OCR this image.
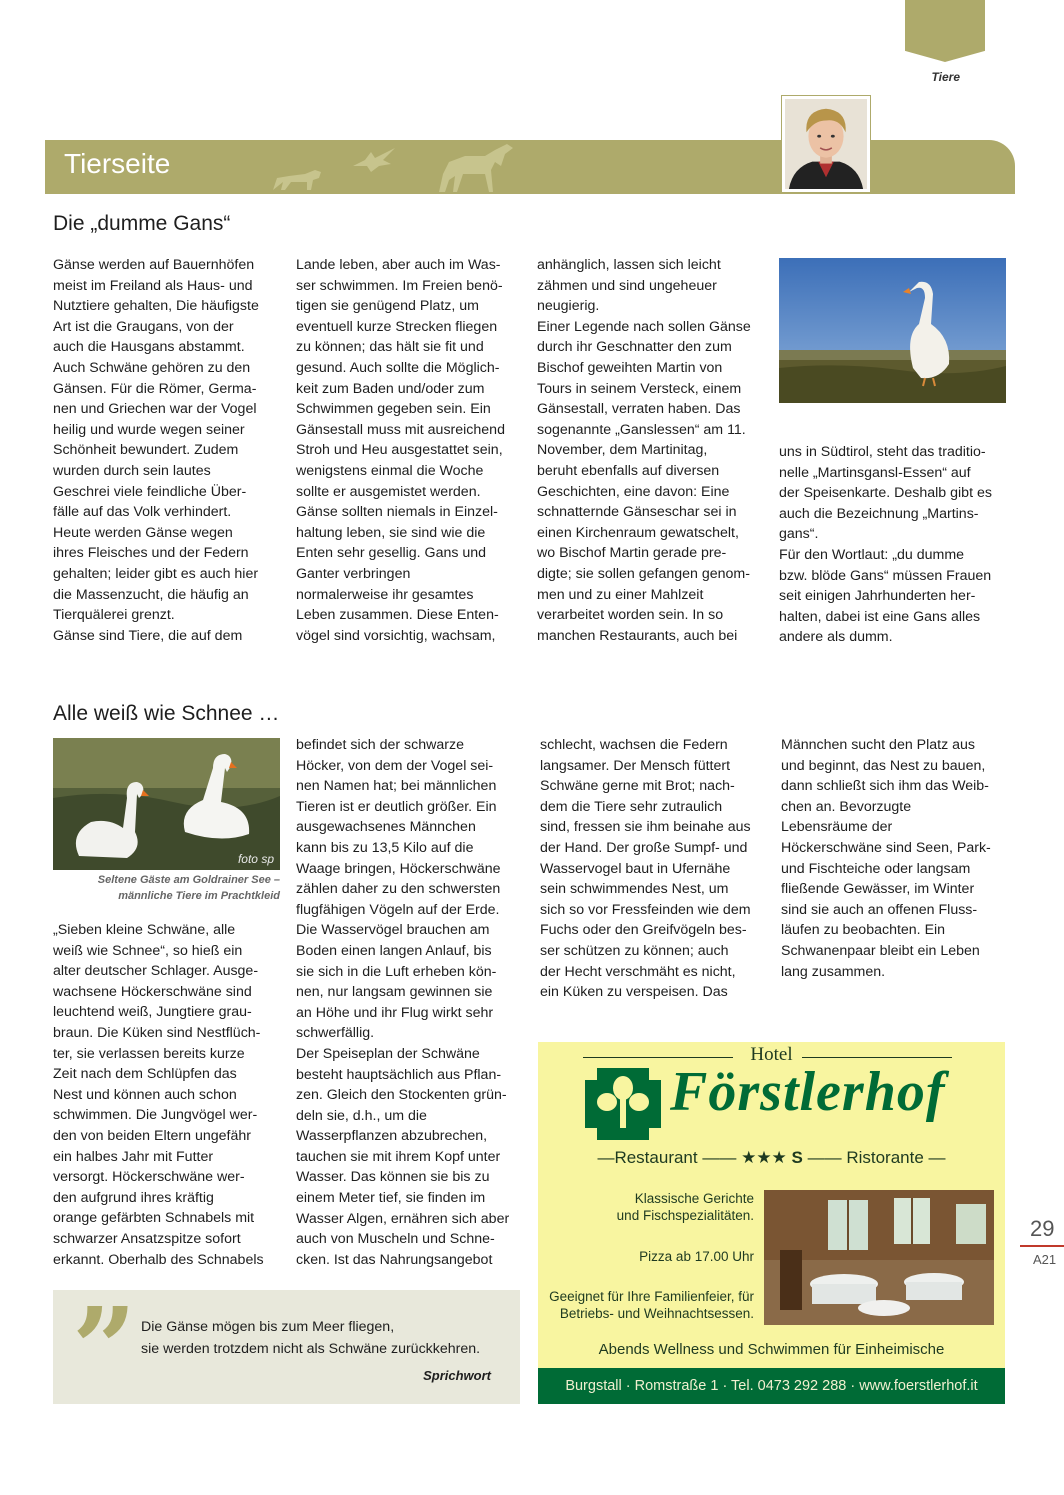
Tiere
Tierseite
Die „dumme Gans“
Gänse werden auf Bauernhöfen
meist im Freiland als Haus- und
Nutztiere gehalten, Die häufigste
Art ist die Graugans, von der
auch die Hausgans abstammt.
Auch Schwäne gehören zu den
Gänsen. Für die Römer, Germa-
nen und Griechen war der Vogel
heilig und wurde wegen seiner
Schönheit bewundert. Zudem
wurden durch sein lautes
Geschrei viele feindliche Über-
fälle auf das Volk verhindert.
Heute werden Gänse wegen
ihres Fleisches und der Federn
gehalten; leider gibt es auch hier
die Massenzucht, die häufig an
Tierquälerei grenzt.
Gänse sind Tiere, die auf dem
Lande leben, aber auch im Was-
ser schwimmen. Im Freien benö-
tigen sie genügend Platz, um
eventuell kurze Strecken fliegen
zu können; das hält sie fit und
gesund. Auch sollte die Möglich-
keit zum Baden und/oder zum
Schwimmen gegeben sein. Ein
Gänsestall muss mit ausreichend
Stroh und Heu ausgestattet sein,
wenigstens einmal die Woche
sollte er ausgemistet werden.
Gänse sollten niemals in Einzel-
haltung leben, sie sind wie die
Enten sehr gesellig. Gans und
Ganter verbringen
normalerweise ihr gesamtes
Leben zusammen. Diese Enten-
vögel sind vorsichtig, wachsam,
anhänglich, lassen sich leicht
zähmen und sind ungeheuer
neugierig.
Einer Legende nach sollen Gänse
durch ihr Geschnatter den zum
Bischof geweihten Martin von
Tours in seinem Versteck, einem
Gänsestall, verraten haben. Das
sogenannte „Ganslessen“ am 11.
November, dem Martinitag,
beruht ebenfalls auf diversen
Geschichten, eine davon: Eine
schnatternde Gänseschar sei in
einen Kirchenraum gewatschelt,
wo Bischof Martin gerade pre-
digte; sie sollen gefangen genom-
men und zu einer Mahlzeit
verarbeitet worden sein. In so
manchen Restaurants, auch bei
uns in Südtirol, steht das traditio-
nelle „Martinsgansl-Essen“ auf
der Speisenkarte. Deshalb gibt es
auch die Bezeichnung „Martins-
gans“.
Für den Wortlaut: „du dumme
bzw. blöde Gans“ müssen Frauen
seit einigen Jahrhunderten her-
halten, dabei ist eine Gans alles
andere als dumm.
Alle weiß wie Schnee …
foto sp
Seltene Gäste am Goldrainer See –
männliche Tiere im Prachtkleid
„Sieben kleine Schwäne, alle
weiß wie Schnee“, so hieß ein
alter deutscher Schlager. Ausge-
wachsene Höckerschwäne sind
leuchtend weiß, Jungtiere grau-
braun. Die Küken sind Nestflüch-
ter, sie verlassen bereits kurze
Zeit nach dem Schlüpfen das
Nest und können auch schon
schwimmen. Die Jungvögel wer-
den von beiden Eltern ungefähr
ein halbes Jahr mit Futter
versorgt. Höckerschwäne wer-
den aufgrund ihres kräftig
orange gefärbten Schnabels mit
schwarzer Ansatzspitze sofort
erkannt. Oberhalb des Schnabels
befindet sich der schwarze
Höcker, von dem der Vogel sei-
nen Namen hat; bei männlichen
Tieren ist er deutlich größer. Ein
ausgewachsenes Männchen
kann bis zu 13,5 Kilo auf die
Waage bringen, Höckerschwäne
zählen daher zu den schwersten
flugfähigen Vögeln auf der Erde.
Die Wasservögel brauchen am
Boden einen langen Anlauf, bis
sie sich in die Luft erheben kön-
nen, nur langsam gewinnen sie
an Höhe und ihr Flug wirkt sehr
schwerfällig.
Der Speiseplan der Schwäne
besteht hauptsächlich aus Pflan-
zen. Gleich den Stockenten grün-
deln sie, d.h., um die
Wasserpflanzen abzubrechen,
tauchen sie mit ihrem Kopf unter
Wasser. Das können sie bis zu
einem Meter tief, sie finden im
Wasser Algen, ernähren sich aber
auch von Muscheln und Schne-
cken. Ist das Nahrungsangebot
schlecht, wachsen die Federn
langsamer. Der Mensch füttert
Schwäne gerne mit Brot; nach-
dem die Tiere sehr zutraulich
sind, fressen sie ihm beinahe aus
der Hand. Der große Sumpf- und
Wasservogel baut in Ufernähe
sein schwimmendes Nest, um
sich so vor Fressfeinden wie dem
Fuchs oder den Greifvögeln bes-
ser schützen zu können; auch
der Hecht verschmäht es nicht,
ein Küken zu verspeisen. Das
Männchen sucht den Platz aus
und beginnt, das Nest zu bauen,
dann schließt sich ihm das Weib-
chen an. Bevorzugte
Lebensräume der
Höckerschwäne sind Seen, Park-
und Fischteiche oder langsam
fließende Gewässer, im Winter
sind sie auch an offenen Fluss-
läufen zu beobachten. Ein
Schwanenpaar bleibt ein Leben
lang zusammen.
” Die Gänse mögen bis zum Meer fliegen,
sie werden trotzdem nicht als Schwäne zurückkehren.
Sprichwort
Hotel
Förstlerhof
—Restaurant —— ★★★ S —— Ristorante —
Klassische Gerichte
und Fischspezialitäten.
Pizza ab 17.00 Uhr
Geeignet für Ihre Familienfeier, für
Betriebs- und Weihnachtsessen.
Abends Wellness und Schwimmen für Einheimische
Burgstall · Romstraße 1 · Tel. 0473 292 288 · www.foerstlerhof.it
29
A21
